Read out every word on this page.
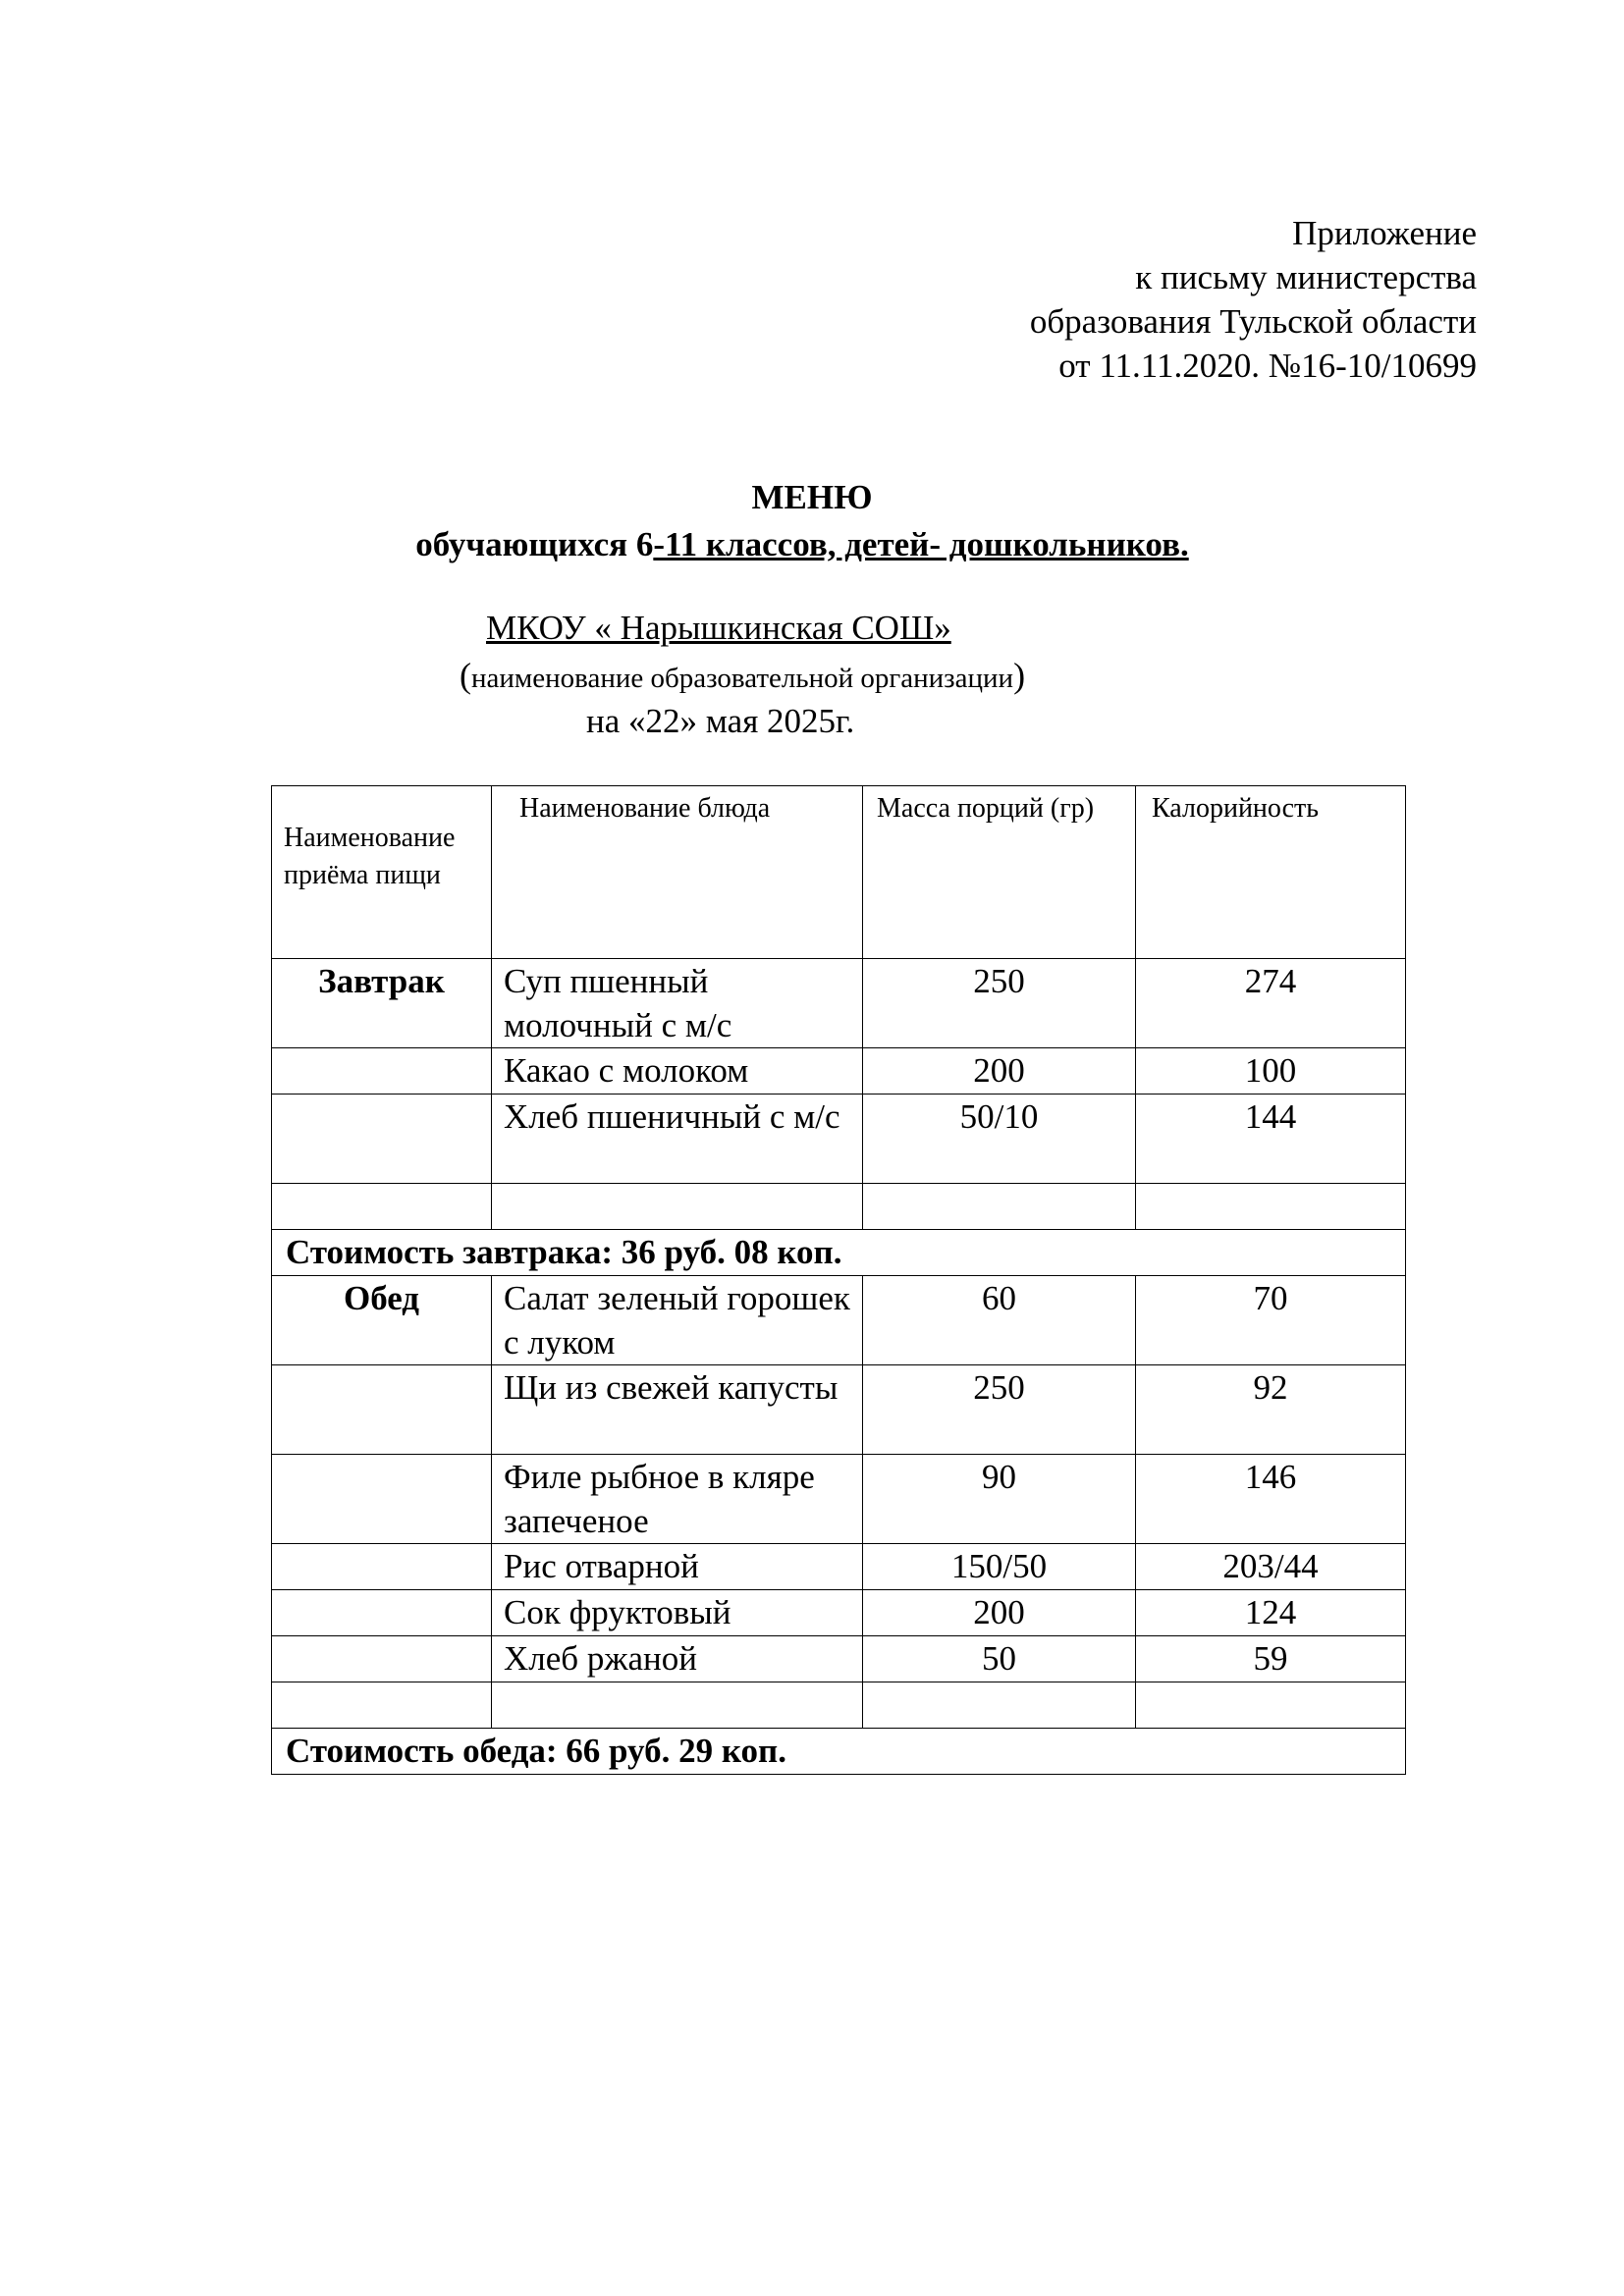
Приложение
к письму министерства
образования Тульской области
от 11.11.2020. №16-10/10699
МЕНЮ
обучающихся 6-11 классов, детей- дошкольников.
МКОУ « Нарышкинская СОШ»
(наименование образовательной организации)
на «22» мая 2025г.
Наименование приёма пищи	Наименование блюда	Масса порций (гр)	Калорийность
Завтрак	Суп пшенный молочный с м/с	250	274
	Какао с молоком	200	100
	Хлеб пшеничный с м/с	50/10	144

Стоимость завтрака: 36 руб. 08 коп.			
Обед	Салат зеленый горошек с луком	60	70
	Щи из свежей капусты	250	92
	Филе рыбное в кляре запеченое	90	146
	Рис отварной	150/50	203/44
	Сок фруктовый	200	124
	Хлеб ржаной	50	59

Стоимость обеда: 66 руб. 29 коп.			
